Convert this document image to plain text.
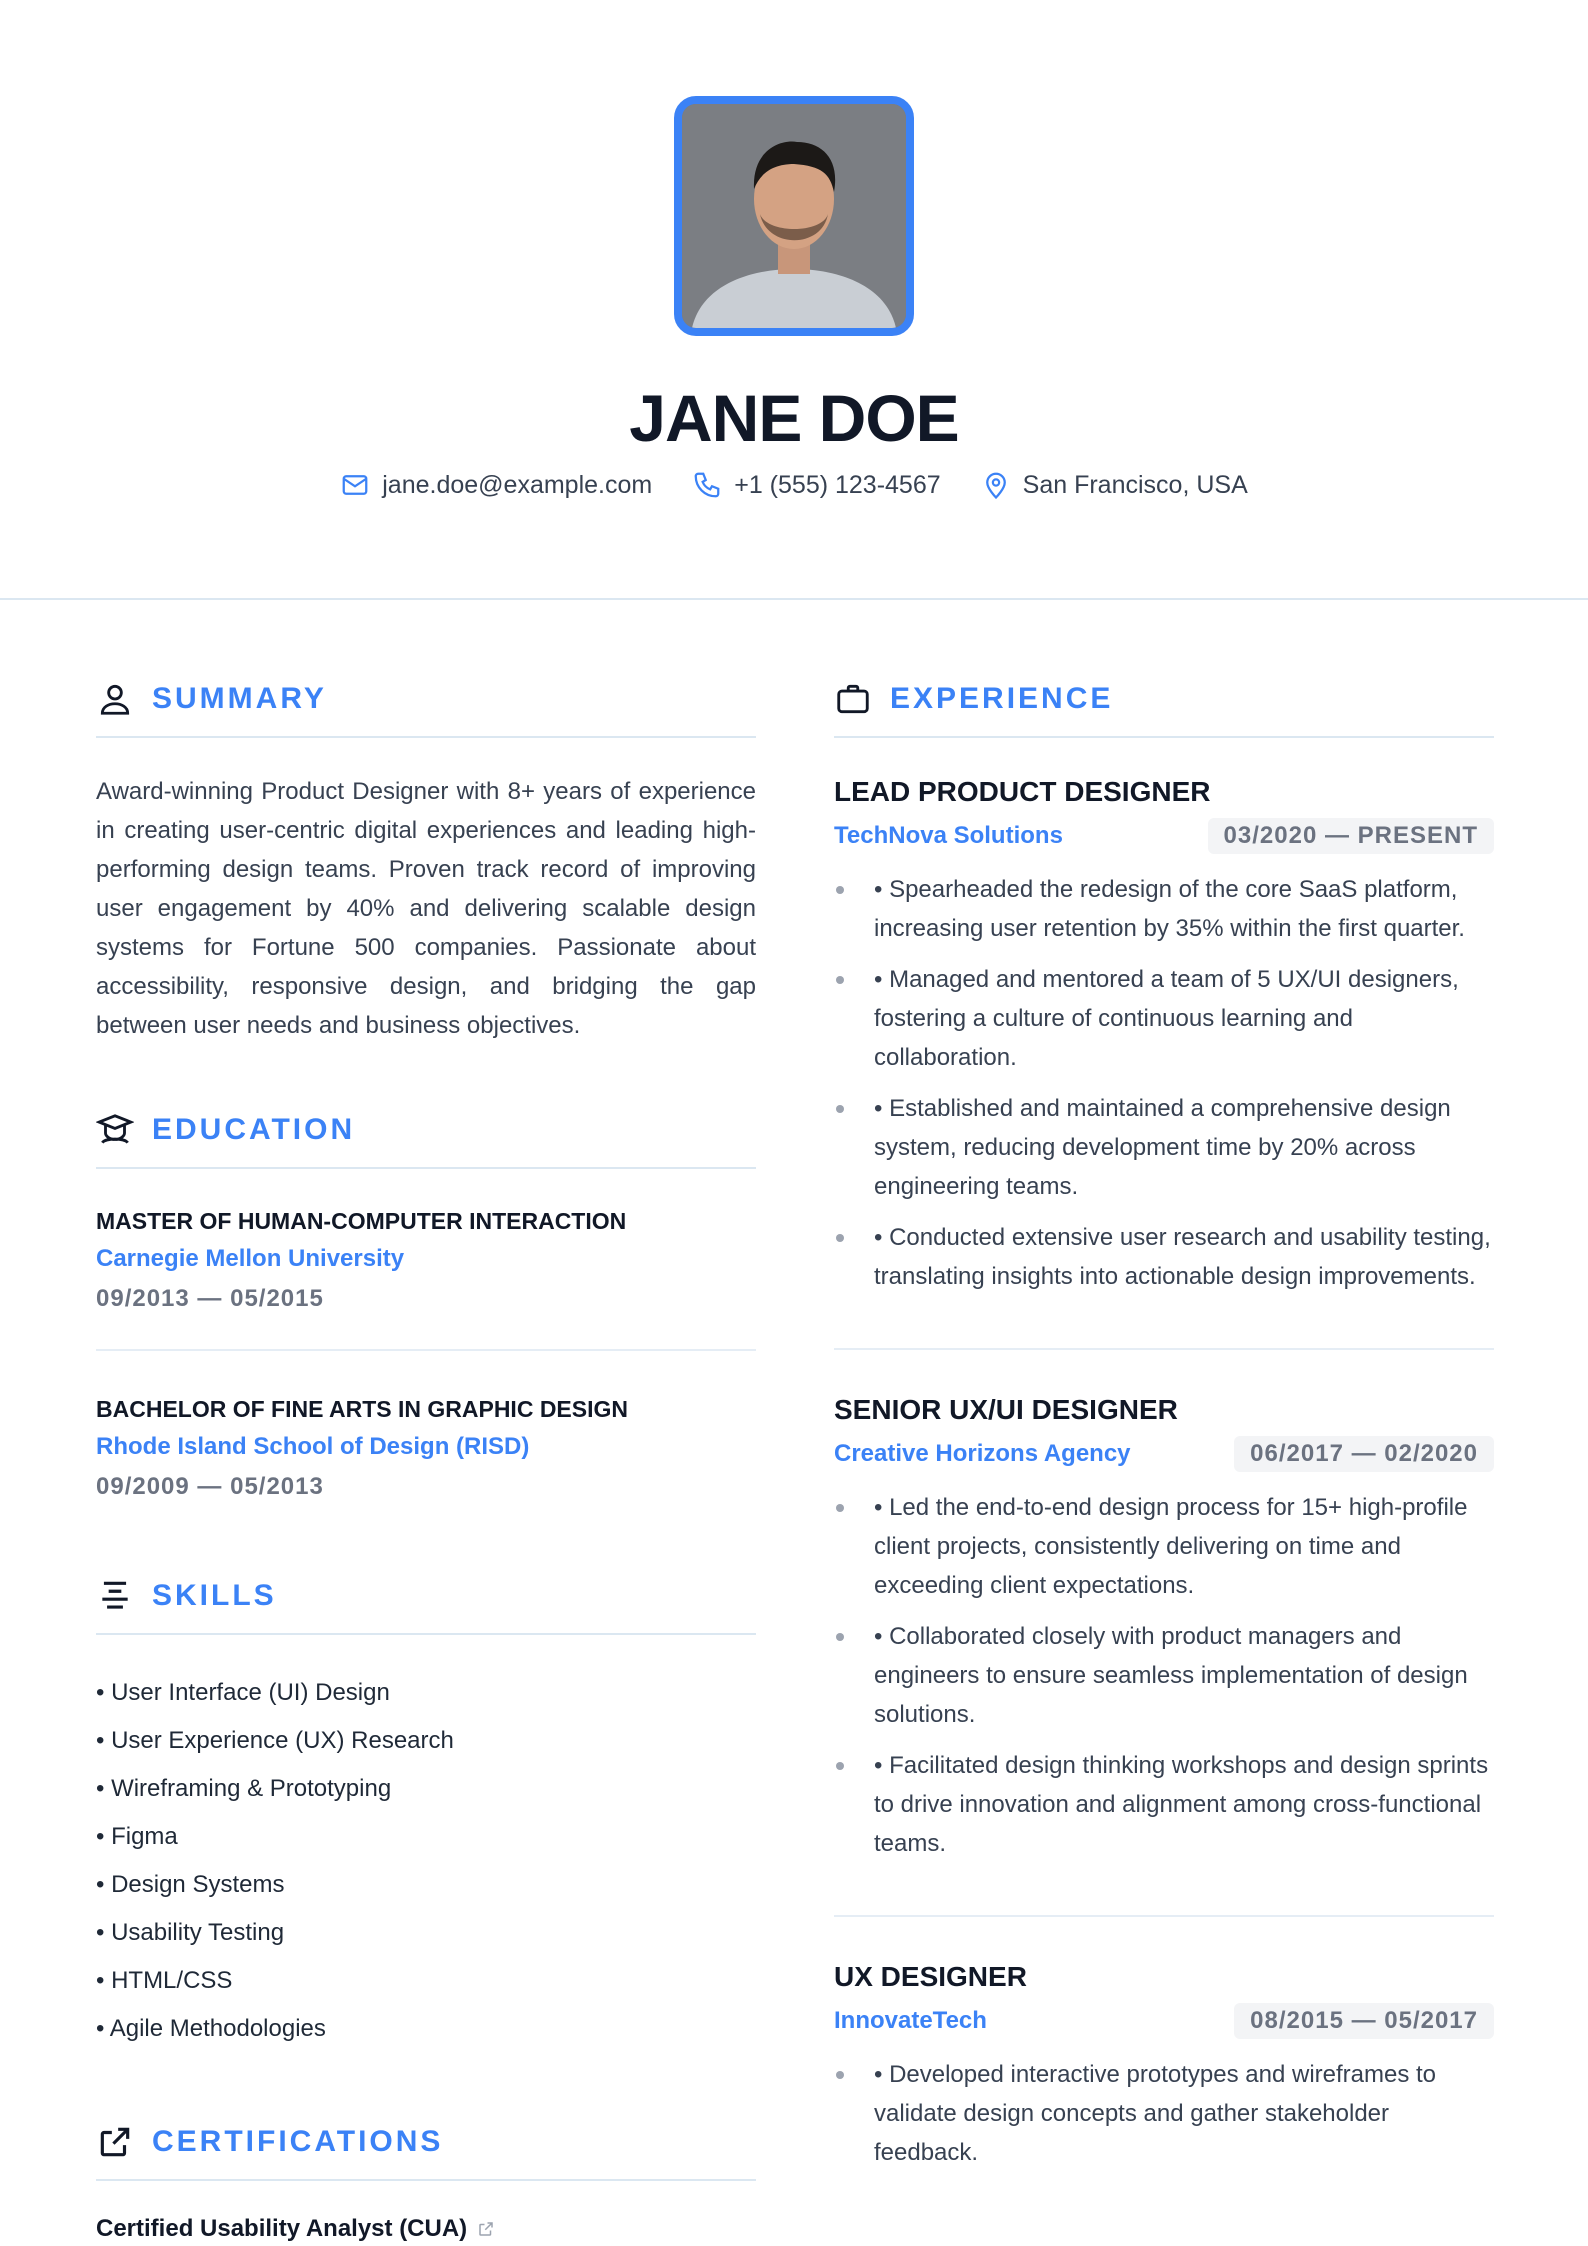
JANE DOE
jane.doe@example.com	+1 (555) 123-4567	San Francisco, USA
SUMMARY

Award-winning Product Designer with 8+ years of experience in creating user-centric digital experiences and leading high-performing design teams. Proven track record of improving user engagement by 40% and delivering scalable design systems for Fortune 500 companies. Passionate about accessibility, responsive design, and bridging the gap between user needs and business objectives.

EDUCATION
MASTER OF HUMAN-COMPUTER INTERACTION
Carnegie Mellon University
09/2013 — 05/2015
BACHELOR OF FINE ARTS IN GRAPHIC DESIGN
Rhode Island School of Design (RISD)
09/2009 — 05/2013
SKILLS
• User Interface (UI) Design
• User Experience (UX) Research
• Wireframing & Prototyping
• Figma
• Design Systems
• Usability Testing
• HTML/CSS
• Agile Methodologies
CERTIFICATIONS
Certified Usability Analyst (CUA)
EXPERIENCE
LEAD PRODUCT DESIGNER
TechNova Solutions	03/2020 — PRESENT
• Spearheaded the redesign of the core SaaS platform, increasing user retention by 35% within the first quarter.
• Managed and mentored a team of 5 UX/UI designers, fostering a culture of continuous learning and collaboration.
• Established and maintained a comprehensive design system, reducing development time by 20% across engineering teams.
• Conducted extensive user research and usability testing, translating insights into actionable design improvements.
SENIOR UX/UI DESIGNER
Creative Horizons Agency	06/2017 — 02/2020
• Led the end-to-end design process for 15+ high-profile client projects, consistently delivering on time and exceeding client expectations.
• Collaborated closely with product managers and engineers to ensure seamless implementation of design solutions.
• Facilitated design thinking workshops and design sprints to drive innovation and alignment among cross-functional teams.
UX DESIGNER
InnovateTech	08/2015 — 05/2017
• Developed interactive prototypes and wireframes to validate design concepts and gather stakeholder feedback.
